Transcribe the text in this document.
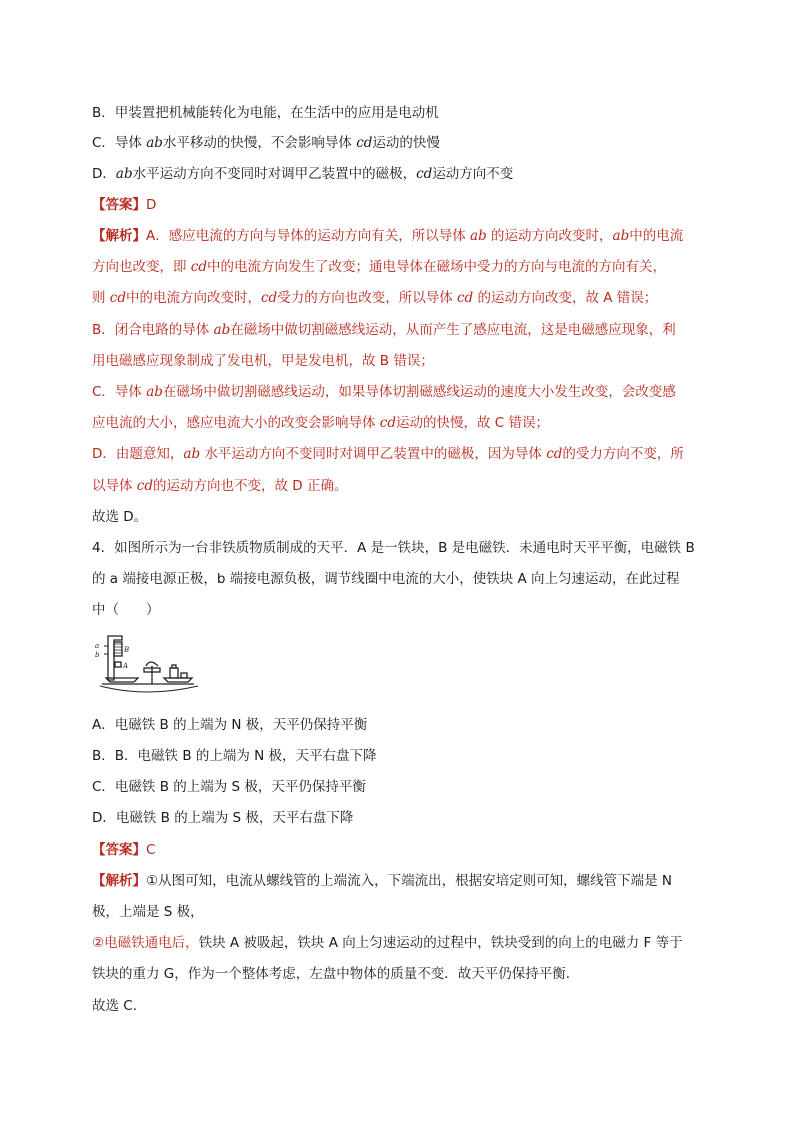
B．甲装置把机械能转化为电能，在生活中的应用是电动机
C．导体 ab水平移动的快慢，不会影响导体 cd运动的快慢
D．ab水平运动方向不变同时对调甲乙装置中的磁极，cd运动方向不变
【答案】D
【解析】A．感应电流的方向与导体的运动方向有关，所以导体 ab 的运动方向改变时，ab中的电流
方向也改变，即 cd中的电流方向发生了改变；通电导体在磁场中受力的方向与电流的方向有关，
则 cd中的电流方向改变时，cd受力的方向也改变，所以导体 cd 的运动方向改变，故 A 错误；
B．闭合电路的导体 ab在磁场中做切割磁感线运动，从而产生了感应电流，这是电磁感应现象，利
用电磁感应现象制成了发电机，甲是发电机，故 B 错误；
C．导体 ab在磁场中做切割磁感线运动，如果导体切割磁感线运动的速度大小发生改变，会改变感
应电流的大小，感应电流大小的改变会影响导体 cd运动的快慢，故 C 错误；
D．由题意知，ab 水平运动方向不变同时对调甲乙装置中的磁极，因为导体 cd的受力方向不变，所
以导体 cd的运动方向也不变，故 D 正确。
故选 D。
4．如图所示为一台非铁质物质制成的天平．A 是一铁块，B 是电磁铁．未通电时天平平衡，电磁铁 B
的 a 端接电源正极，b 端接电源负极，调节线圈中电流的大小，使铁块 A 向上匀速运动，在此过程
中（　　）
a
b
B
A
A．电磁铁 B 的上端为 N 极，天平仍保持平衡
B．B．电磁铁 B 的上端为 N 极，天平右盘下降
C．电磁铁 B 的上端为 S 极，天平仍保持平衡
D．电磁铁 B 的上端为 S 极，天平右盘下降
【答案】C
【解析】①从图可知，电流从螺线管的上端流入，下端流出，根据安培定则可知，螺线管下端是 N
极，上端是 S 极，
②电磁铁通电后，铁块 A 被吸起，铁块 A 向上匀速运动的过程中，铁块受到的向上的电磁力 F 等于
铁块的重力 G，作为一个整体考虑，左盘中物体的质量不变．故天平仍保持平衡．
故选 C．
